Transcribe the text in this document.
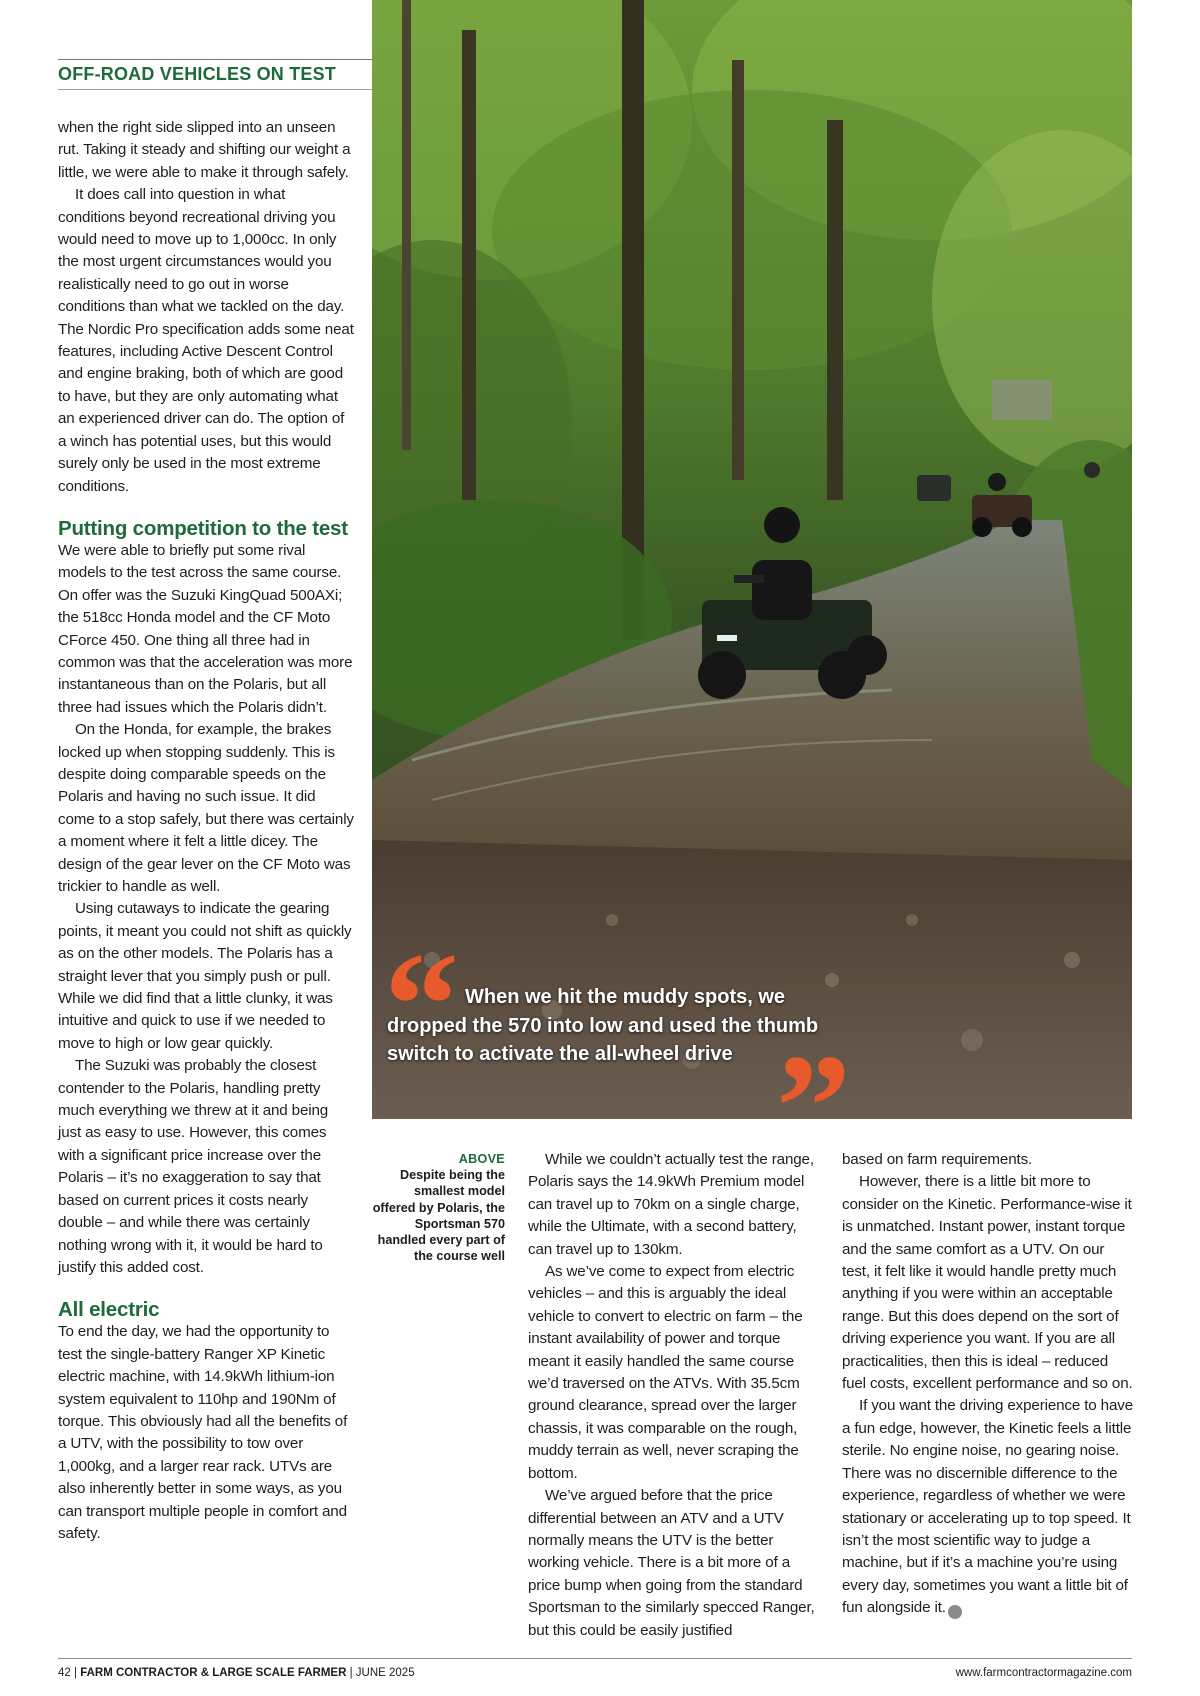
OFF-ROAD VEHICLES ON TEST

when the right side slipped into an unseen rut. Taking it steady and shifting our weight a little, we were able to make it through safely.

It does call into question in what conditions beyond recreational driving you would need to move up to 1,000cc. In only the most urgent circumstances would you realistically need to go out in worse conditions than what we tackled on the day. The Nordic Pro specification adds some neat features, including Active Descent Control and engine braking, both of which are good to have, but they are only automating what an experienced driver can do. The option of a winch has potential uses, but this would surely only be used in the most extreme conditions.

Putting competition to the test

We were able to briefly put some rival models to the test across the same course. On offer was the Suzuki KingQuad 500AXi; the 518cc Honda model and the CF Moto CForce 450. One thing all three had in common was that the acceleration was more instantaneous than on the Polaris, but all three had issues which the Polaris didn’t.

On the Honda, for example, the brakes locked up when stopping suddenly. This is despite doing comparable speeds on the Polaris and having no such issue. It did come to a stop safely, but there was certainly a moment where it felt a little dicey. The design of the gear lever on the CF Moto was trickier to handle as well.

Using cutaways to indicate the gearing points, it meant you could not shift as quickly as on the other models. The Polaris has a straight lever that you simply push or pull. While we did find that a little clunky, it was intuitive and quick to use if we needed to move to high or low gear quickly.

The Suzuki was probably the closest contender to the Polaris, handling pretty much everything we threw at it and being just as easy to use. However, this comes with a significant price increase over the Polaris – it’s no exaggeration to say that based on current prices it costs nearly double – and while there was certainly nothing wrong with it, it would be hard to justify this added cost.

All electric

To end the day, we had the opportunity to test the single-battery Ranger XP Kinetic electric machine, with 14.9kWh lithium-ion system equivalent to 110hp and 190Nm of torque. This obviously had all the benefits of a UTV, with the possibility to tow over 1,000kg, and a larger rear rack. UTVs are also inherently better in some ways, as you can transport multiple people in comfort and safety.

“ When we hit the muddy spots, we dropped the 570 into low and used the thumb switch to activate the all-wheel drive ”
ABOVE
Despite being the smallest model offered by Polaris, the Sportsman 570 handled every part of the course well

While we couldn’t actually test the range, Polaris says the 14.9kWh Premium model can travel up to 70km on a single charge, while the Ultimate, with a second battery, can travel up to 130km.

As we’ve come to expect from electric vehicles – and this is arguably the ideal vehicle to convert to electric on farm – the instant availability of power and torque meant it easily handled the same course we’d traversed on the ATVs. With 35.5cm ground clearance, spread over the larger chassis, it was comparable on the rough, muddy terrain as well, never scraping the bottom.

We’ve argued before that the price differential between an ATV and a UTV normally means the UTV is the better working vehicle. There is a bit more of a price bump when going from the standard Sportsman to the similarly specced Ranger, but this could be easily justified

based on farm requirements.

However, there is a little bit more to consider on the Kinetic. Performance-wise it is unmatched. Instant power, instant torque and the same comfort as a UTV. On our test, it felt like it would handle pretty much anything if you were within an acceptable range. But this does depend on the sort of driving experience you want. If you are all practicalities, then this is ideal – reduced fuel costs, excellent performance and so on.

If you want the driving experience to have a fun edge, however, the Kinetic feels a little sterile. No engine noise, no gearing noise. There was no discernible difference to the experience, regardless of whether we were stationary or accelerating up to top speed. It isn’t the most scientific way to judge a machine, but if it’s a machine you’re using every day, sometimes you want a little bit of fun alongside it.	●

42 | FARM CONTRACTOR & LARGE SCALE FARMER | JUNE 2025	www.farmcontractormagazine.com
